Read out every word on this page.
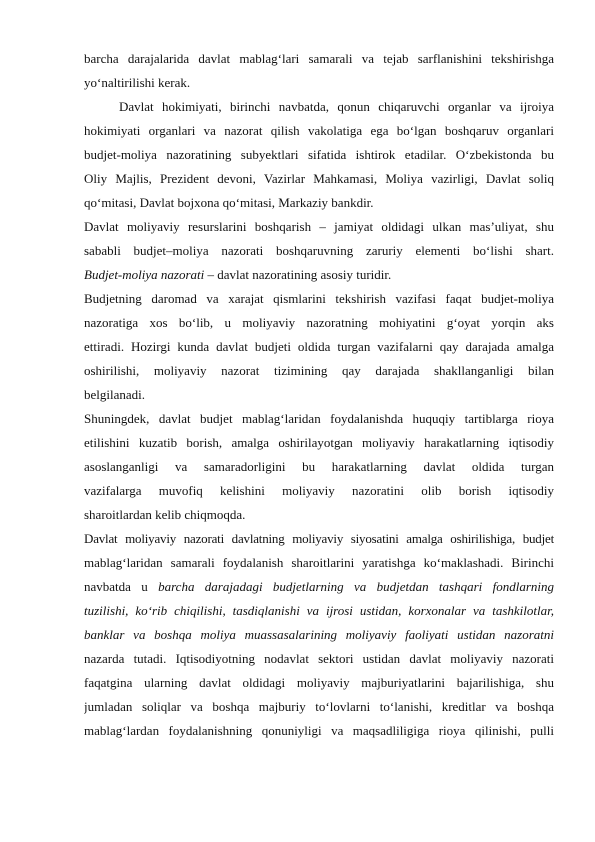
barcha darajalarida davlat mablag‘lari samarali va tejab sarflanishini tekshirishga
yo‘naltirilishi kerak.
Davlat hokimiyati, birinchi navbatda, qonun chiqaruvchi organlar va ijroiya
hokimiyati organlari va nazorat qilish vakolatiga ega bo‘lgan boshqaruv organlari
budjet-moliya nazoratining subyektlari sifatida ishtirok etadilar. O‘zbekistonda bu
Oliy Majlis, Prezident devoni, Vazirlar Mahkamasi, Moliya vazirligi, Davlat soliq
qo‘mitasi, Davlat bojxona qo‘mitasi, Markaziy bankdir.
Davlat moliyaviy resurslarini boshqarish – jamiyat oldidagi ulkan mas’uliyat, shu
sababli budjet–moliya nazorati boshqaruvning zaruriy elementi bo‘lishi shart.
Budjet-moliya nazorati – davlat nazoratining asosiy turidir.
Budjetning daromad va xarajat qismlarini tekshirish vazifasi faqat budjet-moliya
nazoratiga xos bo‘lib, u moliyaviy nazoratning mohiyatini g‘oyat yorqin aks
ettiradi. Hozirgi kunda davlat budjeti oldida turgan vazifalarni qay darajada amalga
oshirilishi, moliyaviy nazorat tizimining qay darajada shakllanganligi bilan
belgilanadi.
Shuningdek, davlat budjet mablag‘laridan foydalanishda huquqiy tartiblarga rioya
etilishini kuzatib borish, amalga oshirilayotgan moliyaviy harakatlarning iqtisodiy
asoslanganligi va samaradorligini bu harakatlarning davlat oldida turgan
vazifalarga muvofiq kelishini moliyaviy nazoratini olib borish iqtisodiy
sharoitlardan kelib chiqmoqda.
Davlat moliyaviy nazorati davlatning moliyaviy siyosatini amalga oshirilishiga, budjet
mablag‘laridan samarali foydalanish sharoitlarini yaratishga ko‘maklashadi. Birinchi
navbatda u barcha darajadagi budjetlarning va budjetdan tashqari fondlarning
tuzilishi, ko‘rib chiqilishi, tasdiqlanishi va ijrosi ustidan, korxonalar va tashkilotlar,
banklar va boshqa moliya muassasalarining moliyaviy faoliyati ustidan nazoratni
nazarda tutadi. Iqtisodiyotning nodavlat sektori ustidan davlat moliyaviy nazorati
faqatgina ularning davlat oldidagi moliyaviy majburiyatlarini bajarilishiga, shu
jumladan soliqlar va boshqa majburiy to‘lovlarni to‘lanishi, kreditlar va boshqa
mablag‘lardan foydalanishning qonuniyligi va maqsadliligiga rioya qilinishi, pulli
